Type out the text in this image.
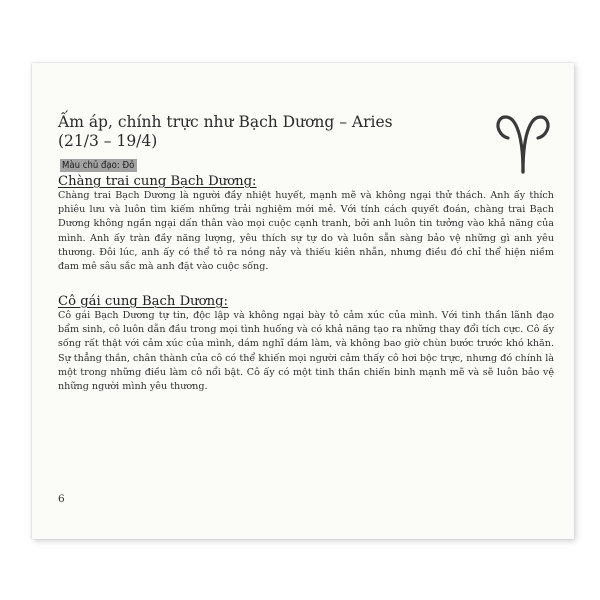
Ấm áp, chính trực như Bạch Dương – Aries
(21/3 – 19/4)
Màu chủ đạo: Đỏ
Chàng trai cung Bạch Dương:

Chàng trai Bạch Dương là người đầy nhiệt huyết, mạnh mẽ và không ngại thử thách. Anh ấy thích phiêu lưu và luôn tìm kiếm những trải nghiệm mới mẻ. Với tính cách quyết đoán, chàng trai Bạch Dương không ngần ngại dấn thân vào mọi cuộc cạnh tranh, bởi anh luôn tin tưởng vào khả năng của mình. Anh ấy tràn đầy năng lượng, yêu thích sự tự do và luôn sẵn sàng bảo vệ những gì anh yêu thương. Đôi lúc, anh ấy có thể tỏ ra nóng nảy và thiếu kiên nhẫn, nhưng điều đó chỉ thể hiện niềm đam mê sâu sắc mà anh đặt vào cuộc sống.

Cô gái cung Bạch Dương:

Cô gái Bạch Dương tự tin, độc lập và không ngại bày tỏ cảm xúc của mình. Với tinh thần lãnh đạo bẩm sinh, cô luôn dẫn đầu trong mọi tình huống và có khả năng tạo ra những thay đổi tích cực. Cô ấy sống rất thật với cảm xúc của mình, dám nghĩ dám làm, và không bao giờ chùn bước trước khó khăn. Sự thẳng thắn, chân thành của cô có thể khiến mọi người cảm thấy cô hơi bộc trực, nhưng đó chính là một trong những điều làm cô nổi bật. Cô ấy có một tinh thần chiến binh mạnh mẽ và sẽ luôn bảo vệ những người mình yêu thương.

6
